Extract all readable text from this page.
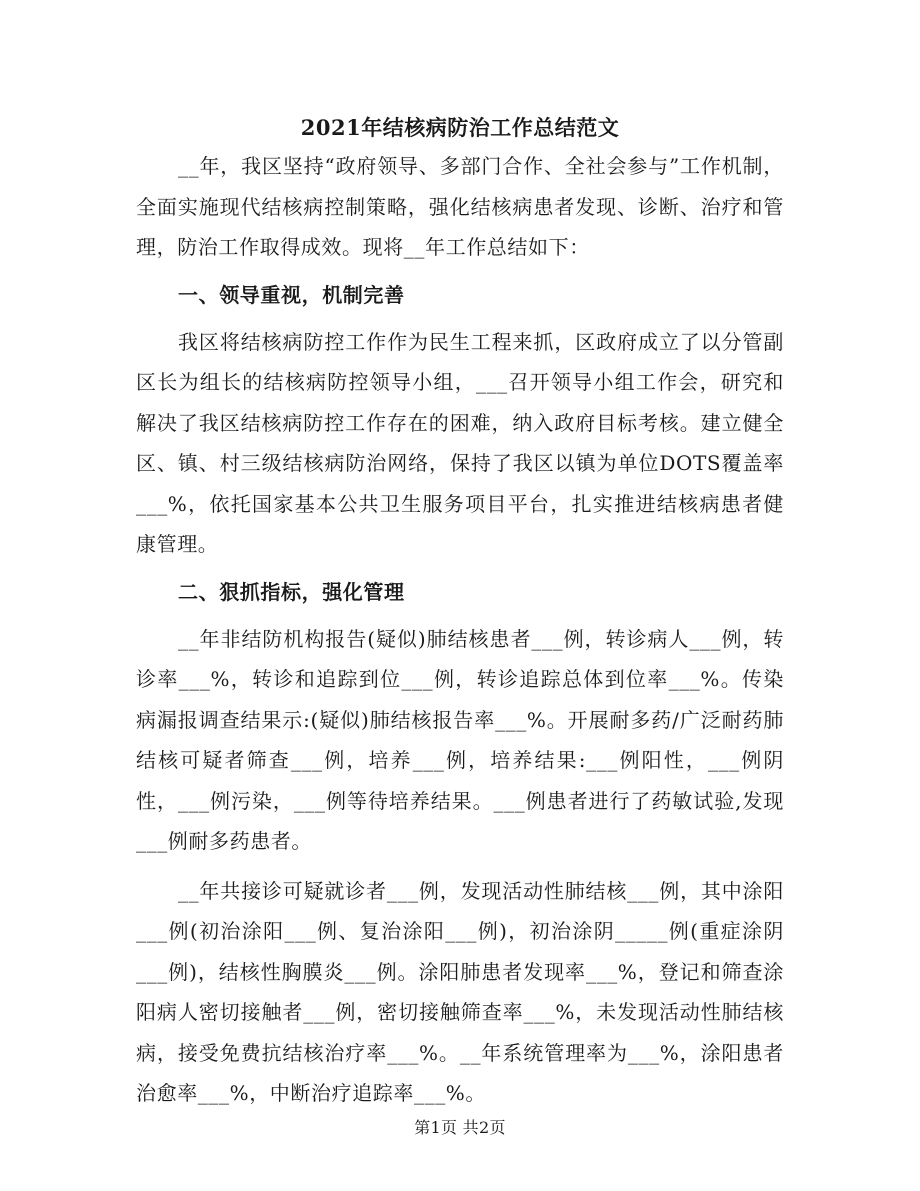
2021年结核病防治工作总结范文

__年，我区坚持“政府领导、多部门合作、全社会参与”工作机制，全面实施现代结核病控制策略，强化结核病患者发现、诊断、治疗和管理，防治工作取得成效。现将__年工作总结如下：

一、领导重视，机制完善

我区将结核病防控工作作为民生工程来抓，区政府成立了以分管副区长为组长的结核病防控领导小组，___召开领导小组工作会，研究和解决了我区结核病防控工作存在的困难，纳入政府目标考核。建立健全区、镇、村三级结核病防治网络，保持了我区以镇为单位DOTS覆盖率___%，依托国家基本公共卫生服务项目平台，扎实推进结核病患者健康管理。

二、狠抓指标，强化管理

__年非结防机构报告(疑似)肺结核患者___例，转诊病人___例，转诊率___%，转诊和追踪到位___例，转诊追踪总体到位率___%。传染病漏报调查结果示:(疑似)肺结核报告率___%。开展耐多药/广泛耐药肺结核可疑者筛查___例，培养___例，培养结果:___例阳性，___例阴性，___例污染，___例等待培养结果。___例患者进行了药敏试验,发现___例耐多药患者。

__年共接诊可疑就诊者___例，发现活动性肺结核___例，其中涂阳___例(初治涂阳___例、复治涂阳___例)，初治涂阴_____例(重症涂阴___例)，结核性胸膜炎___例。涂阳肺患者发现率___%，登记和筛查涂阳病人密切接触者___例，密切接触筛查率___%，未发现活动性肺结核病，接受免费抗结核治疗率___%。__年系统管理率为___%，涂阳患者治愈率___%，中断治疗追踪率___%。

第1页 共2页
